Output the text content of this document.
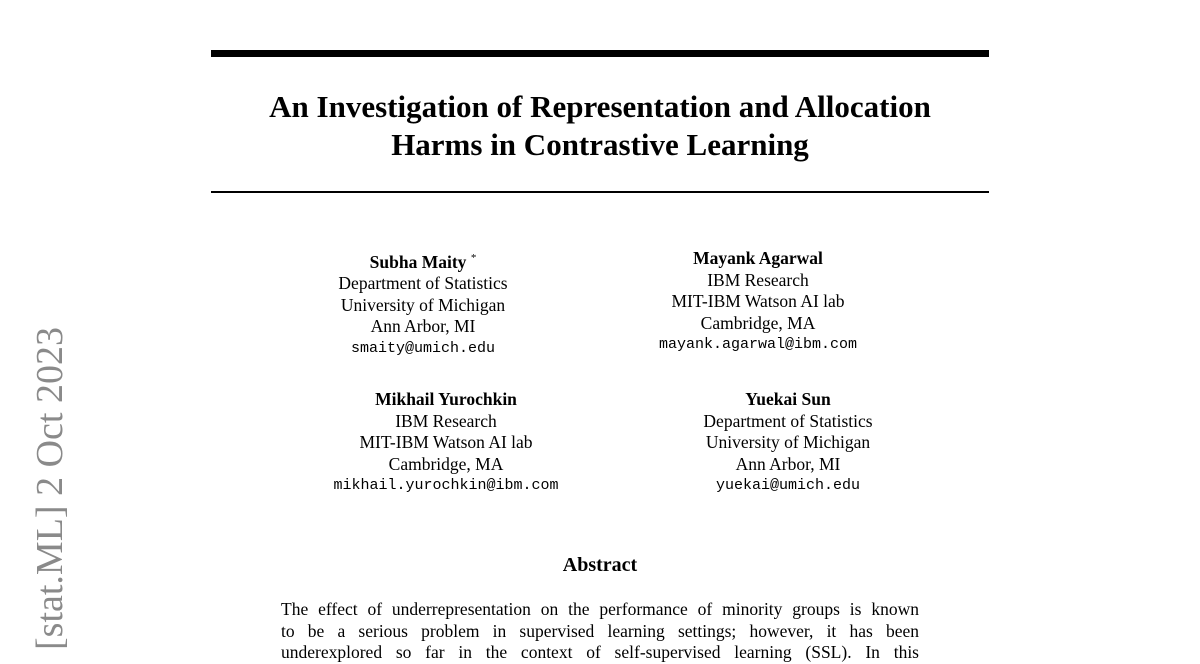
[stat.ML] 2 Oct 2023
An Investigation of Representation and Allocation
Harms in Contrastive Learning
Subha Maity *
Department of Statistics
University of Michigan
Ann Arbor, MI
smaity@umich.edu
Mayank Agarwal
IBM Research
MIT-IBM Watson AI lab
Cambridge, MA
mayank.agarwal@ibm.com
Mikhail Yurochkin
IBM Research
MIT-IBM Watson AI lab
Cambridge, MA
mikhail.yurochkin@ibm.com
Yuekai Sun
Department of Statistics
University of Michigan
Ann Arbor, MI
yuekai@umich.edu
Abstract
The effect of underrepresentation on the performance of minority groups is known
to be a serious problem in supervised learning settings; however, it has been
underexplored so far in the context of self-supervised learning (SSL). In this
